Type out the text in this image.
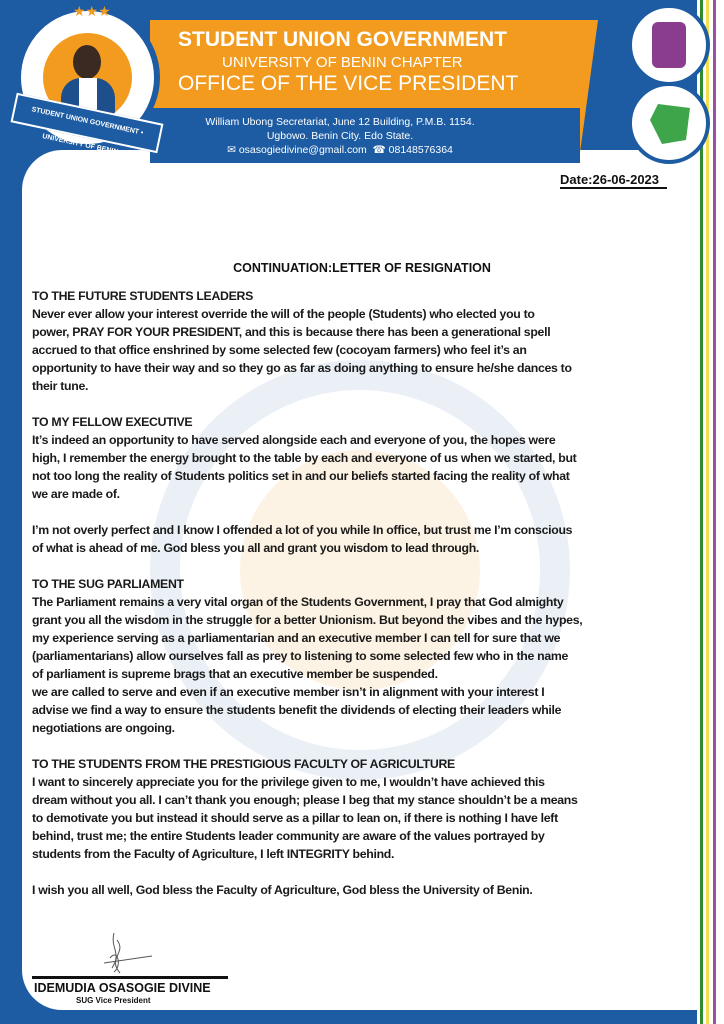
STUDENT UNION GOVERNMENT
UNIVERSITY OF BENIN CHAPTER
OFFICE OF THE VICE PRESIDENT
William Ubong Secretariat, June 12 Building, P.M.B. 1154.
Ugbowo. Benin City. Edo State.
✉ osasogiedivine@gmail.com ☎ 08148576364
★★★
STUDENT UNION GOVERNMENT • UNIVERSITY OF BENIN •
Date:26-06-2023
CONTINUATION:LETTER OF RESIGNATION
TO THE FUTURE STUDENTS LEADERS
Never ever allow your interest override the will of the people (Students) who elected you to
power, PRAY FOR YOUR PRESIDENT, and this is because there has been a generational spell
accrued to that office enshrined by some selected few (cocoyam farmers) who feel it’s an
opportunity to have their way and so they go as far as doing anything to ensure he/she dances to
their tune.
TO MY FELLOW EXECUTIVE
It’s indeed an opportunity to have served alongside each and everyone of you, the hopes were
high, I remember the energy brought to the table by each and everyone of us when we started, but
not too long the reality of Students politics set in and our beliefs started facing the reality of what
we are made of.
I’m not overly perfect and I know I offended a lot of you while In office, but trust me I’m conscious
of what is ahead of me. God bless you all and grant you wisdom to lead through.
TO THE SUG PARLIAMENT
The Parliament remains a very vital organ of the Students Government, I pray that God almighty
grant you all the wisdom in the struggle for a better Unionism. But beyond the vibes and the hypes,
my experience serving as a parliamentarian and an executive member I can tell for sure that we
(parliamentarians) allow ourselves fall as prey to listening to some selected few who in the name
of parliament is supreme brags that an executive member be suspended.
we are called to serve and even if an executive member isn’t in alignment with your interest I
advise we find a way to ensure the students benefit the dividends of electing their leaders while
negotiations are ongoing.
TO THE STUDENTS FROM THE PRESTIGIOUS FACULTY OF AGRICULTURE
I want to sincerely appreciate you for the privilege given to me, I wouldn’t have achieved this
dream without you all. I can’t thank you enough; please I beg that my stance shouldn’t be a means
to demotivate you but instead it should serve as a pillar to lean on, if there is nothing I have left
behind, trust me; the entire Students leader community are aware of the values portrayed by
students from the Faculty of Agriculture, I left INTEGRITY behind.
I wish you all well, God bless the Faculty of Agriculture, God bless the University of Benin.
IDEMUDIA OSASOGIE DIVINE
SUG Vice President
